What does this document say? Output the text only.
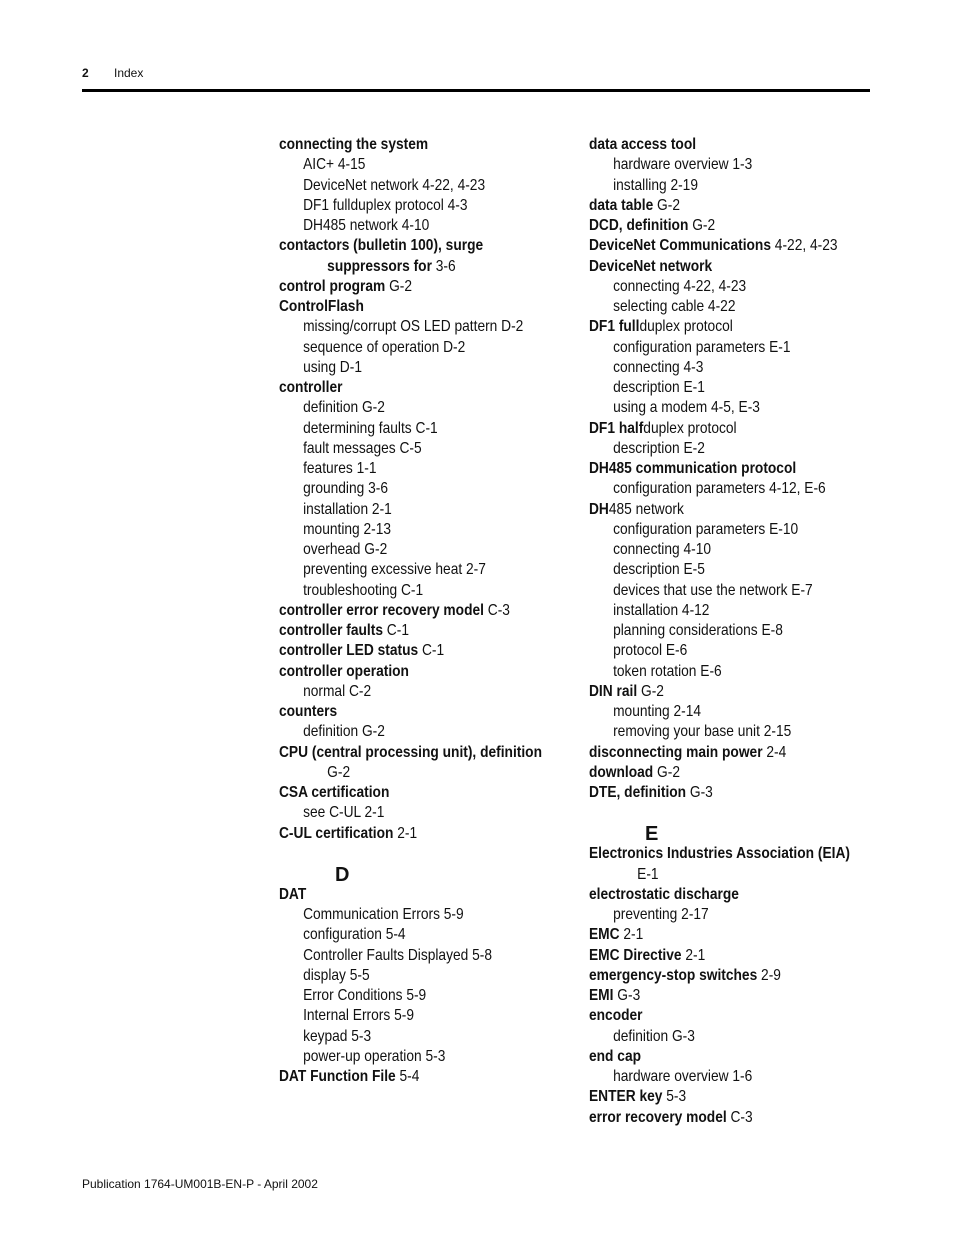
2 Index
connecting the system
AIC+ 4-15
DeviceNet network 4-22, 4-23
DF1 fullduplex protocol 4-3
DH485 network 4-10
contactors (bulletin 100), surge
suppressors for 3-6
control program G-2
ControlFlash
missing/corrupt OS LED pattern D-2
sequence of operation D-2
using D-1
controller
definition G-2
determining faults C-1
fault messages C-5
features 1-1
grounding 3-6
installation 2-1
mounting 2-13
overhead G-2
preventing excessive heat 2-7
troubleshooting C-1
controller error recovery model C-3
controller faults C-1
controller LED status C-1
controller operation
normal C-2
counters
definition G-2
CPU (central processing unit), definition
G-2
CSA certification
see C-UL 2-1
C-UL certification 2-1
D
DAT
Communication Errors 5-9
configuration 5-4
Controller Faults Displayed 5-8
display 5-5
Error Conditions 5-9
Internal Errors 5-9
keypad 5-3
power-up operation 5-3
DAT Function File 5-4
data access tool
hardware overview 1-3
installing 2-19
data table G-2
DCD, definition G-2
DeviceNet Communications 4-22, 4-23
DeviceNet network
connecting 4-22, 4-23
selecting cable 4-22
DF1 fullduplex protocol
configuration parameters E-1
connecting 4-3
description E-1
using a modem 4-5, E-3
DF1 halfduplex protocol
description E-2
DH485 communication protocol
configuration parameters 4-12, E-6
DH485 network
configuration parameters E-10
connecting 4-10
description E-5
devices that use the network E-7
installation 4-12
planning considerations E-8
protocol E-6
token rotation E-6
DIN rail G-2
mounting 2-14
removing your base unit 2-15
disconnecting main power 2-4
download G-2
DTE, definition G-3
E
Electronics Industries Association (EIA)
E-1
electrostatic discharge
preventing 2-17
EMC 2-1
EMC Directive 2-1
emergency-stop switches 2-9
EMI G-3
encoder
definition G-3
end cap
hardware overview 1-6
ENTER key 5-3
error recovery model C-3
Publication 1764-UM001B-EN-P - April 2002
